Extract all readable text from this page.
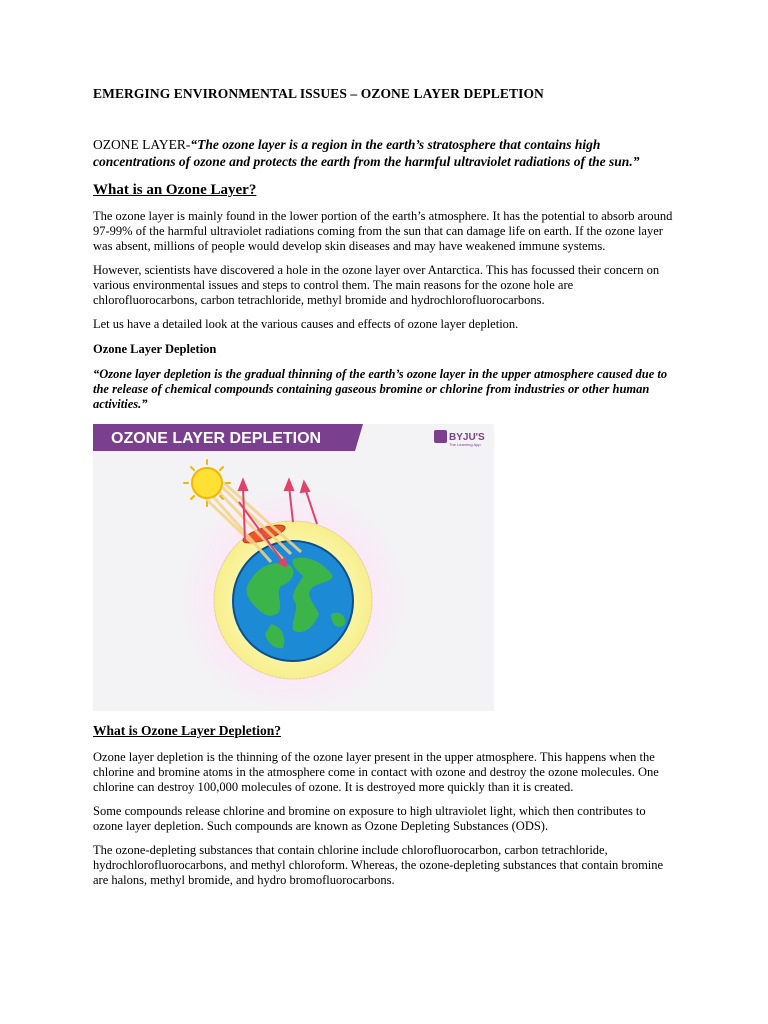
EMERGING ENVIRONMENTAL ISSUES – OZONE LAYER DEPLETION

OZONE LAYER-“The ozone layer is a region in the earth’s stratosphere that contains high concentrations of ozone and protects the earth from the harmful ultraviolet radiations of the sun.”

What is an Ozone Layer?

The ozone layer is mainly found in the lower portion of the earth’s atmosphere. It has the potential to absorb around 97-99% of the harmful ultraviolet radiations coming from the sun that can damage life on earth. If the ozone layer was absent, millions of people would develop skin diseases and may have weakened immune systems.

However, scientists have discovered a hole in the ozone layer over Antarctica. This has focussed their concern on various environmental issues and steps to control them. The main reasons for the ozone hole are chlorofluorocarbons, carbon tetrachloride, methyl bromide and hydrochlorofluorocarbons.

Let us have a detailed look at the various causes and effects of ozone layer depletion.

Ozone Layer Depletion

“Ozone layer depletion is the gradual thinning of the earth’s ozone layer in the upper atmosphere caused due to the release of chemical compounds containing gaseous bromine or chlorine from industries or other human activities.”

OZONE LAYER DEPLETION	BYJU'S
The Learning App
What is Ozone Layer Depletion?

Ozone layer depletion is the thinning of the ozone layer present in the upper atmosphere. This happens when the chlorine and bromine atoms in the atmosphere come in contact with ozone and destroy the ozone molecules. One chlorine can destroy 100,000 molecules of ozone. It is destroyed more quickly than it is created.

Some compounds release chlorine and bromine on exposure to high ultraviolet light, which then contributes to ozone layer depletion. Such compounds are known as Ozone Depleting Substances (ODS).

The ozone-depleting substances that contain chlorine include chlorofluorocarbon, carbon tetrachloride, hydrochlorofluorocarbons, and methyl chloroform. Whereas, the ozone-depleting substances that contain bromine are halons, methyl bromide, and hydro bromofluorocarbons.
